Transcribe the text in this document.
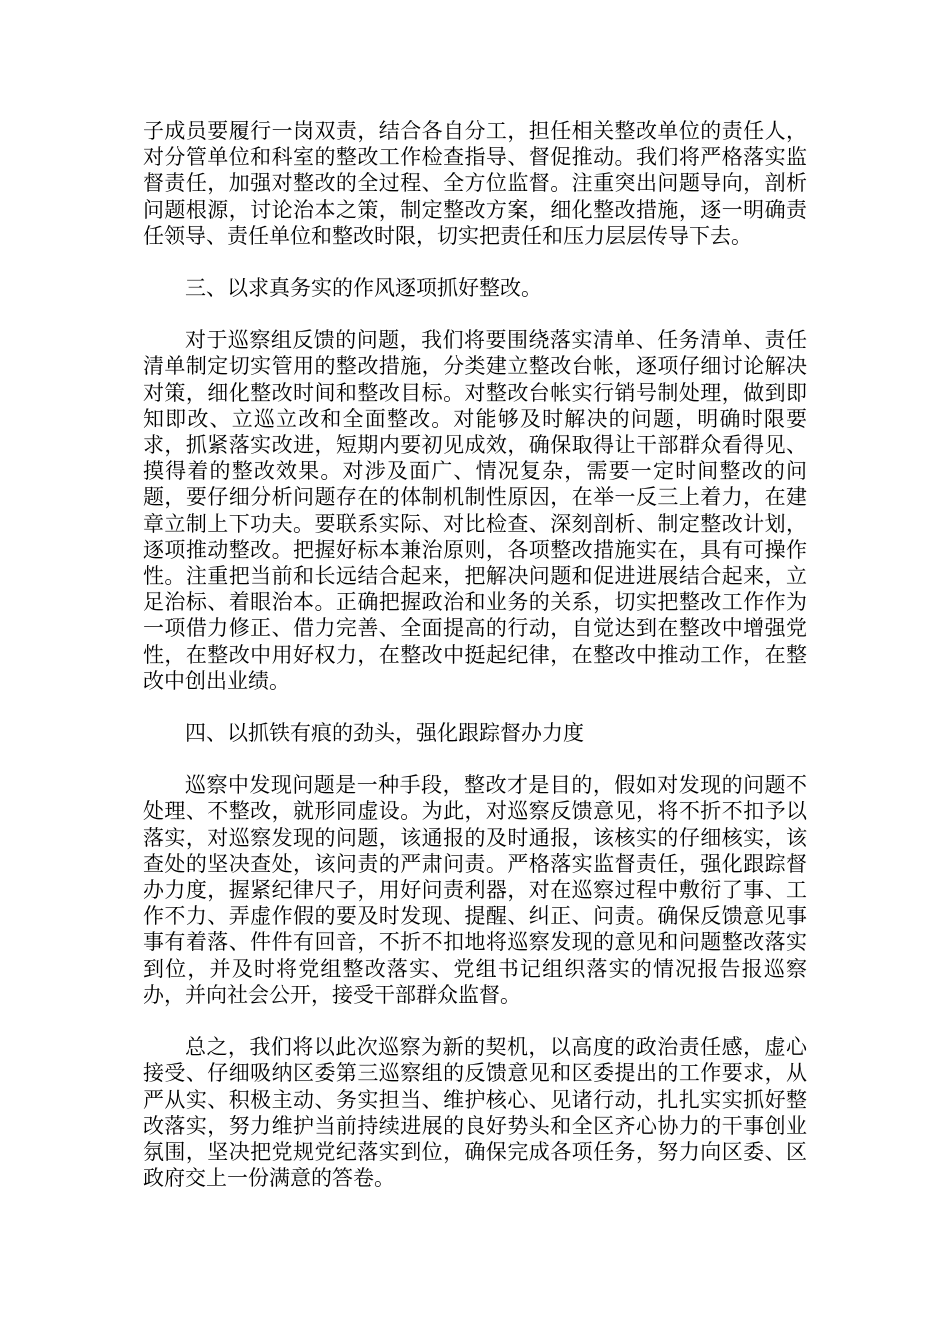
子成员要履行一岗双责，结合各自分工，担任相关整改单位的责任人，对分管单位和科室的整改工作检查指导、督促推动。我们将严格落实监督责任，加强对整改的全过程、全方位监督。注重突出问题导向，剖析问题根源，讨论治本之策，制定整改方案，细化整改措施，逐一明确责任领导、责任单位和整改时限，切实把责任和压力层层传导下去。

三、以求真务实的作风逐项抓好整改。

对于巡察组反馈的问题，我们将要围绕落实清单、任务清单、责任清单制定切实管用的整改措施，分类建立整改台帐，逐项仔细讨论解决对策，细化整改时间和整改目标。对整改台帐实行销号制处理，做到即知即改、立巡立改和全面整改。对能够及时解决的问题，明确时限要求，抓紧落实改进，短期内要初见成效，确保取得让干部群众看得见、摸得着的整改效果。对涉及面广、情况复杂，需要一定时间整改的问题，要仔细分析问题存在的体制机制性原因，在举一反三上着力，在建章立制上下功夫。要联系实际、对比检查、深刻剖析、制定整改计划，逐项推动整改。把握好标本兼治原则，各项整改措施实在，具有可操作性。注重把当前和长远结合起来，把解决问题和促进进展结合起来，立足治标、着眼治本。正确把握政治和业务的关系，切实把整改工作作为一项借力修正、借力完善、全面提高的行动，自觉达到在整改中增强党性，在整改中用好权力，在整改中挺起纪律，在整改中推动工作，在整改中创出业绩。

四、以抓铁有痕的劲头，强化跟踪督办力度

巡察中发现问题是一种手段，整改才是目的，假如对发现的问题不处理、不整改，就形同虚设。为此，对巡察反馈意见，将不折不扣予以落实，对巡察发现的问题，该通报的及时通报，该核实的仔细核实，该查处的坚决查处，该问责的严肃问责。严格落实监督责任，强化跟踪督办力度，握紧纪律尺子，用好问责利器，对在巡察过程中敷衍了事、工作不力、弄虚作假的要及时发现、提醒、纠正、问责。确保反馈意见事事有着落、件件有回音，不折不扣地将巡察发现的意见和问题整改落实到位，并及时将党组整改落实、党组书记组织落实的情况报告报巡察办，并向社会公开，接受干部群众监督。

总之，我们将以此次巡察为新的契机，以高度的政治责任感，虚心接受、仔细吸纳区委第三巡察组的反馈意见和区委提出的工作要求，从严从实、积极主动、务实担当、维护核心、见诸行动，扎扎实实抓好整改落实，努力维护当前持续进展的良好势头和全区齐心协力的干事创业氛围，坚决把党规党纪落实到位，确保完成各项任务，努力向区委、区政府交上一份满意的答卷。
